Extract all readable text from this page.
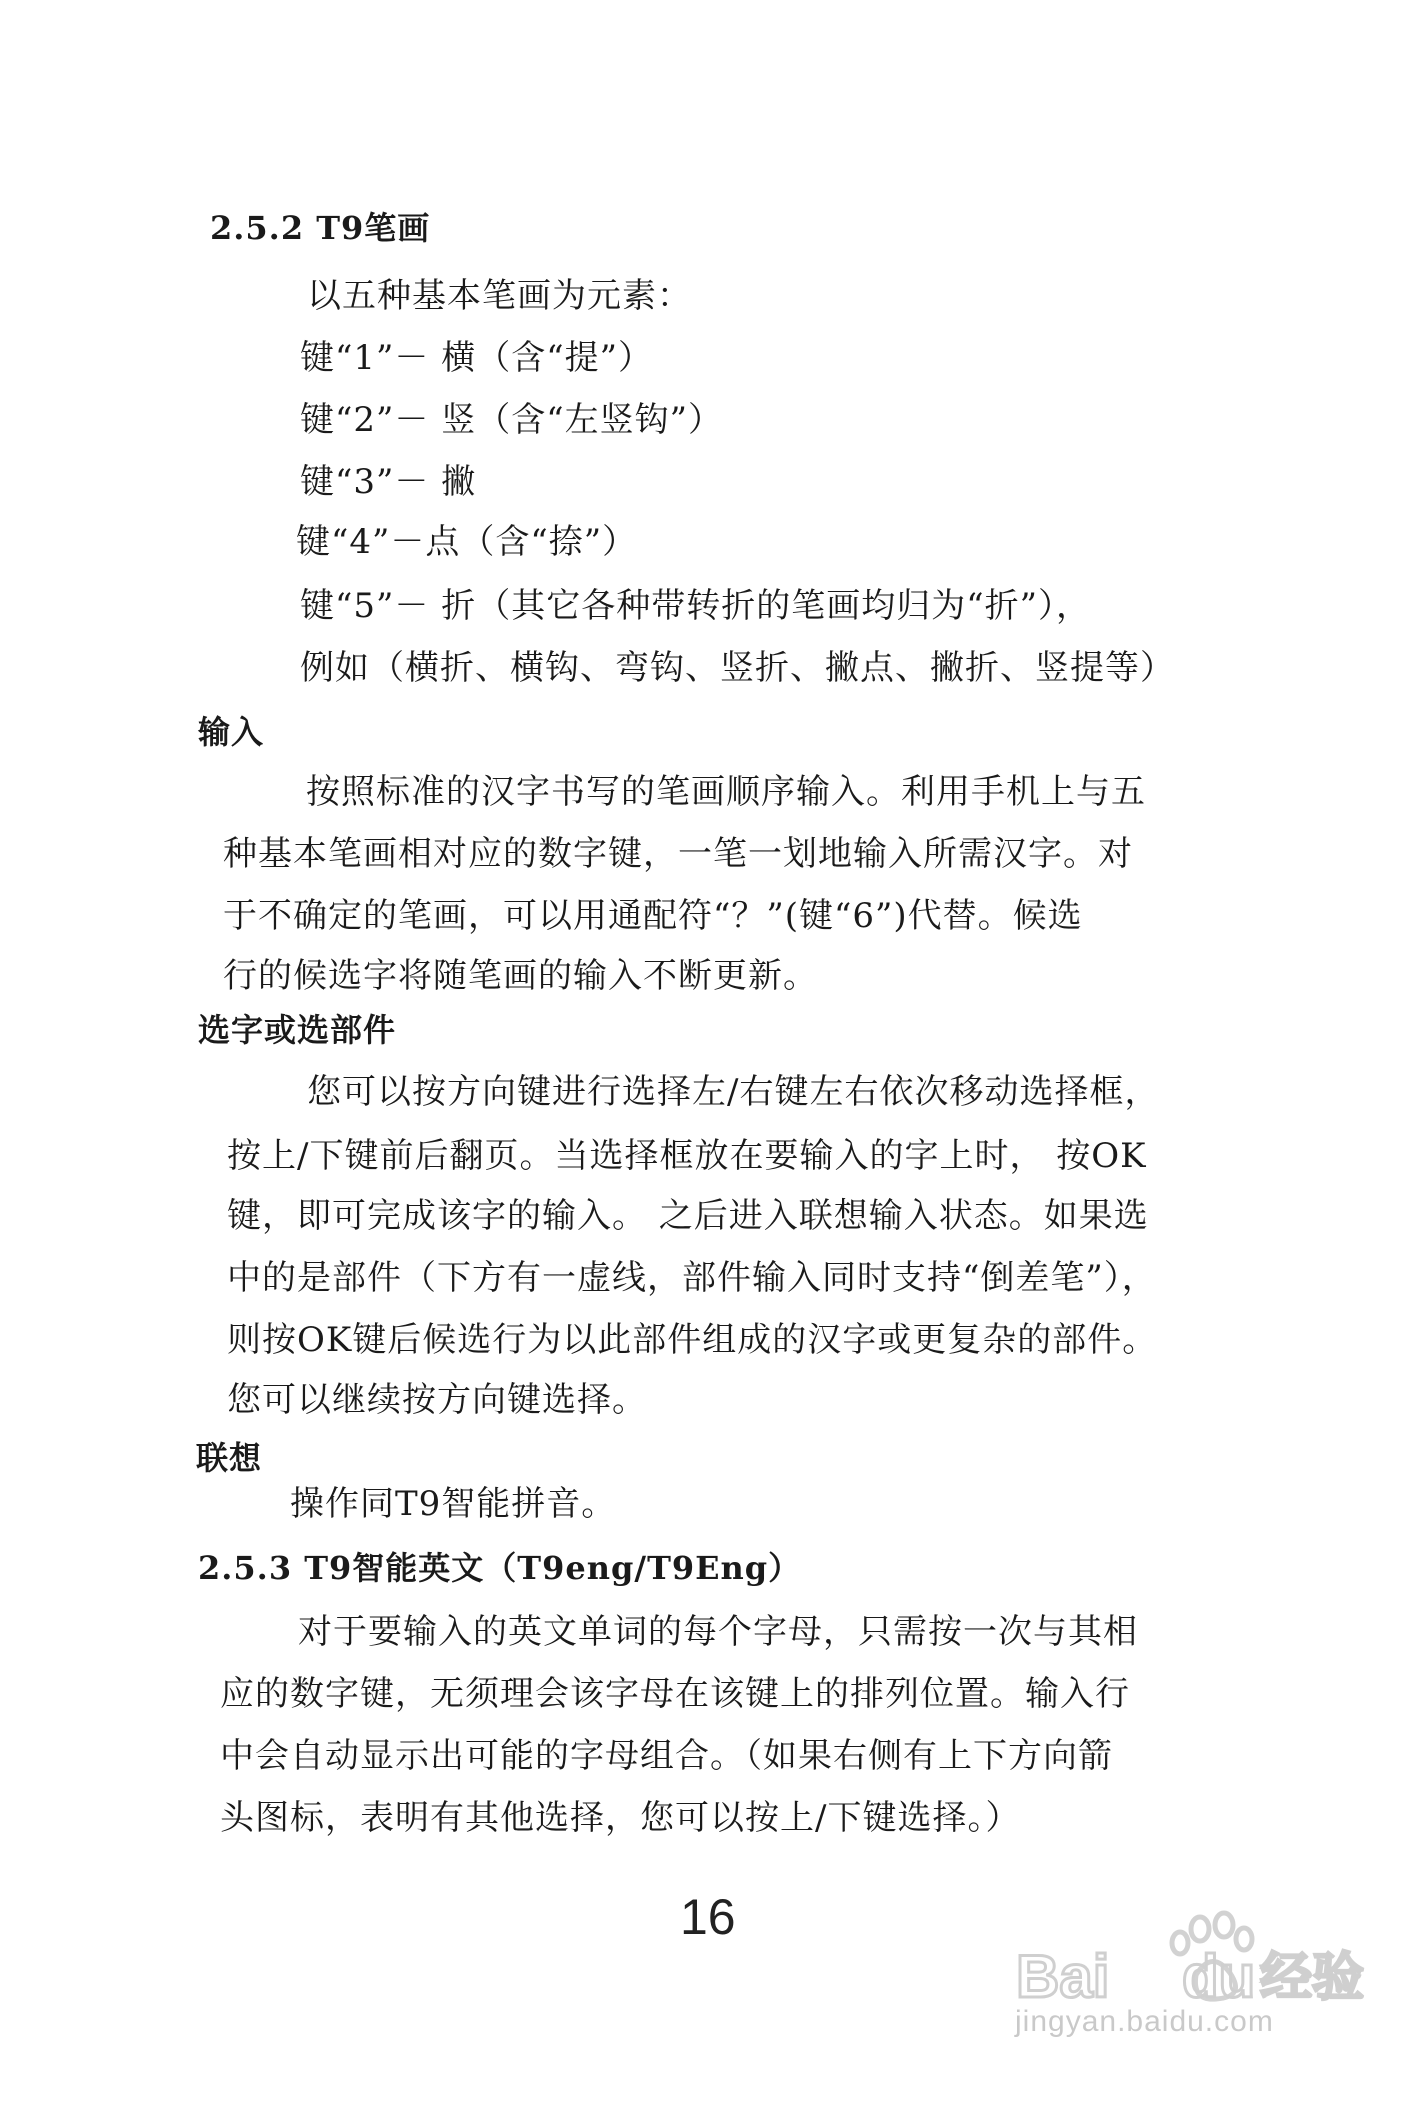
2.5.2 T9笔画
以五种基本笔画为元素：
键“1”－ 横（含“提”）
键“2”－ 竖（含“左竖钩”）
键“3”－ 撇
键“4”－点（含“捺”）
键“5”－ 折（其它各种带转折的笔画均归为“折”），
例如（横折、横钩、弯钩、竖折、撇点、撇折、竖提等）
输入
按照标准的汉字书写的笔画顺序输入。利用手机上与五
种基本笔画相对应的数字键，一笔一划地输入所需汉字。对
于不确定的笔画，可以用通配符“？”(键“6”)代替。候选
行的候选字将随笔画的输入不断更新。
选字或选部件
您可以按方向键进行选择左/右键左右依次移动选择框，
按上/下键前后翻页。当选择框放在要输入的字上时， 按OK
键，即可完成该字的输入。 之后进入联想输入状态。如果选
中的是部件（下方有一虚线，部件输入同时支持“倒差笔”），
则按OK键后候选行为以此部件组成的汉字或更复杂的部件。
您可以继续按方向键选择。
联想
操作同T9智能拼音。
2.5.3 T9智能英文（T9eng/T9Eng）
对于要输入的英文单词的每个字母，只需按一次与其相
应的数字键，无须理会该字母在该键上的排列位置。输入行
中会自动显示出可能的字母组合。（如果右侧有上下方向箭
头图标，表明有其他选择，您可以按上/下键选择。）
16
Bai du 经验
jingyan.baidu.com
